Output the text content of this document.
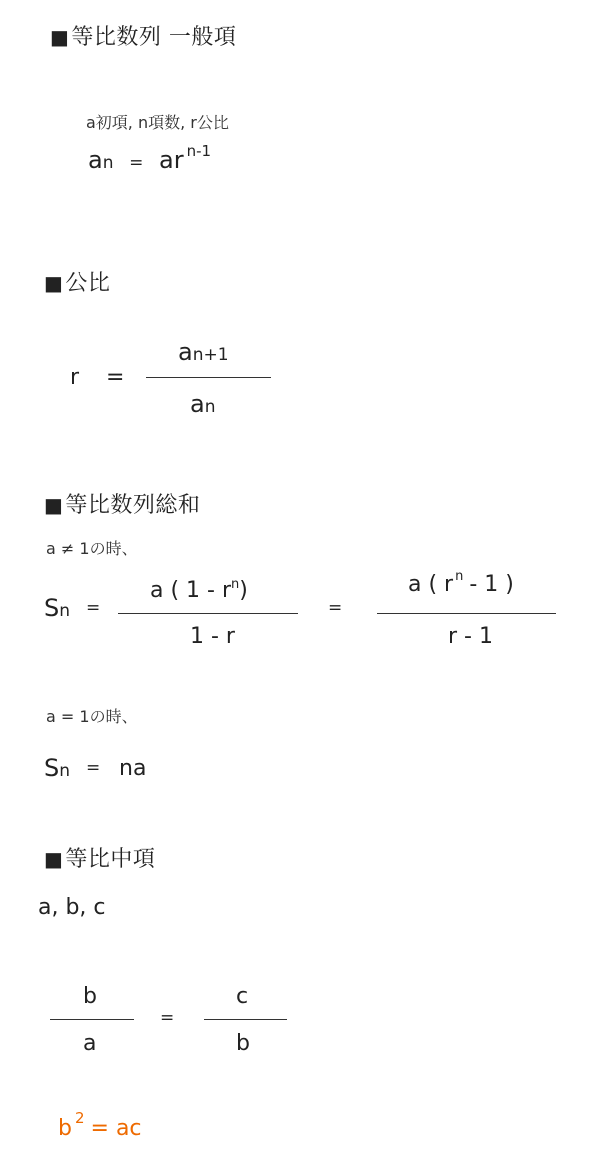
■等比数列 一般項
a初項, n項数, r公比
an = ar $^{n-1}$
■公比
r =
an+1
an
■等比数列総和
a ≠ 1の時、
Sn =
a ( $1 - r^n$)
1 - r
=
a ( r $^n$ - 1 )
r - 1
a = 1の時、
Sn = na
■等比中項
a, b, c
b
a
=
c
b
b $^2$ = ac
